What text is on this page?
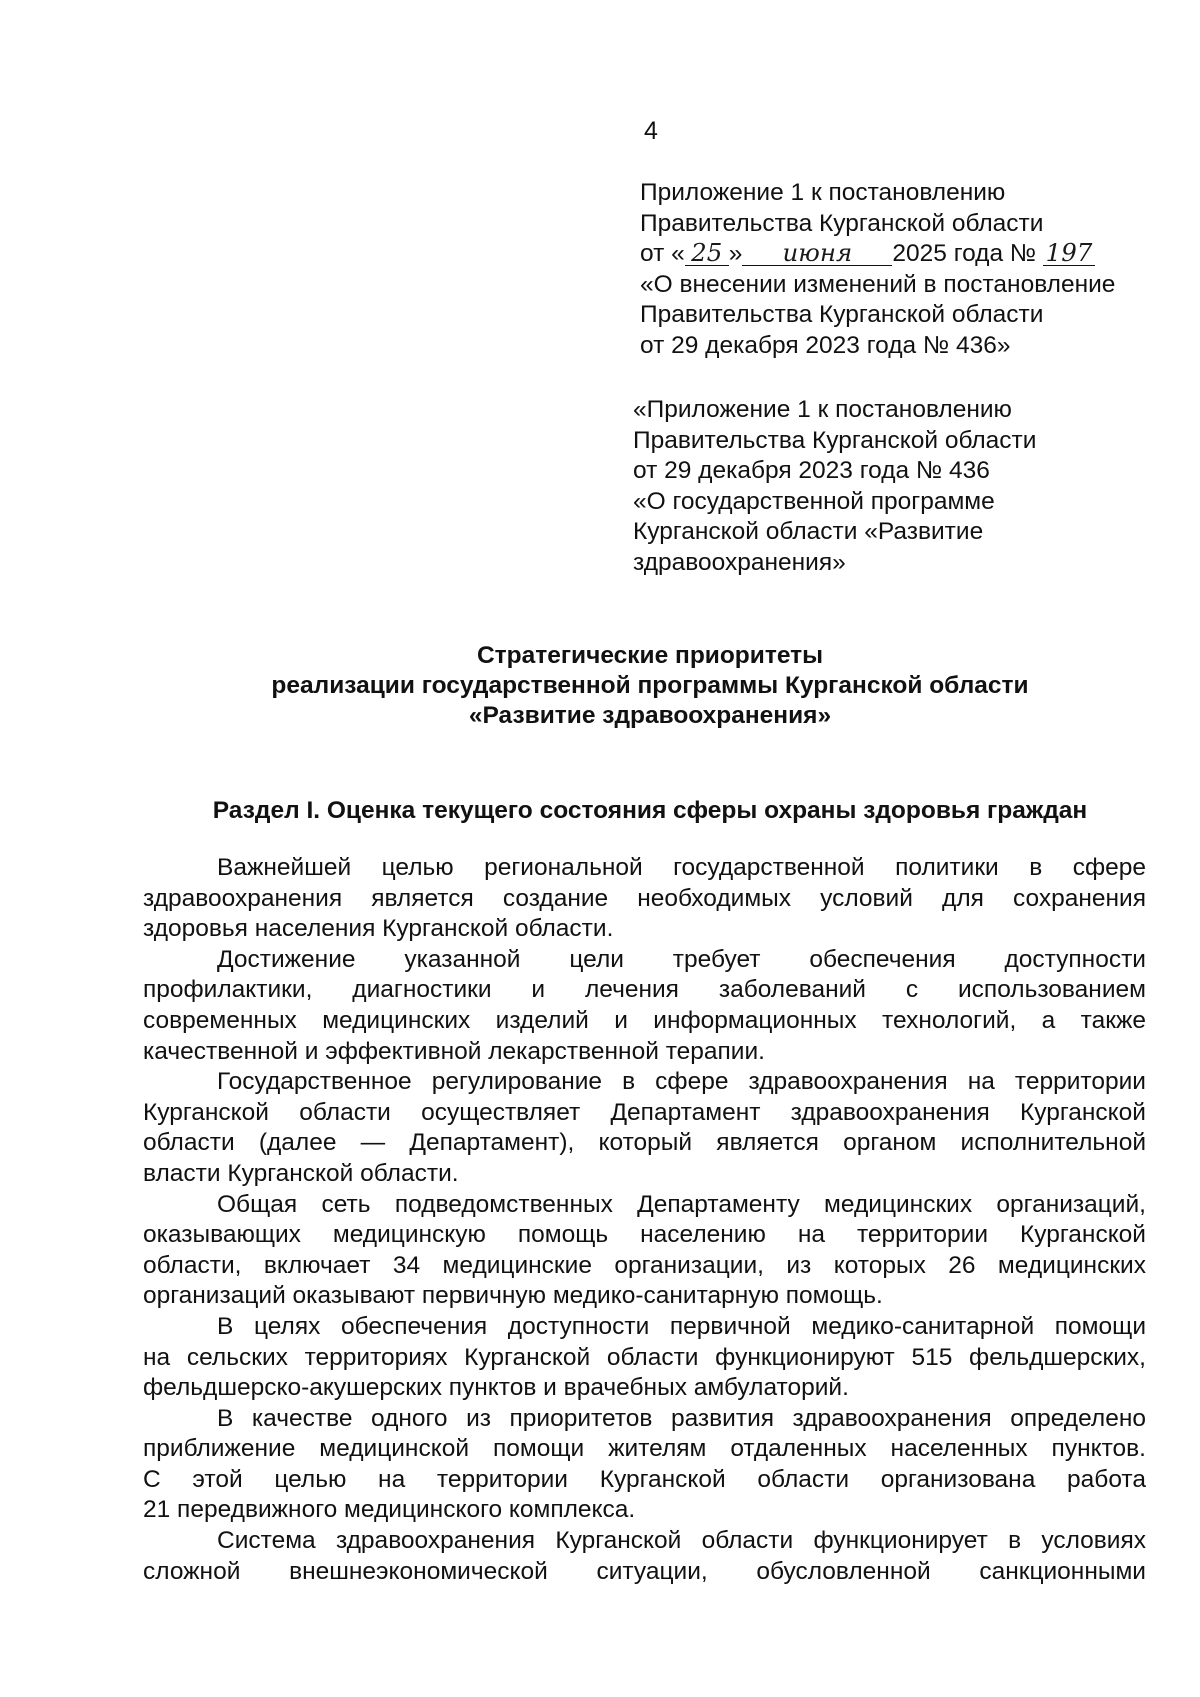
4
Приложение 1 к постановлению
Правительства Курганской области
от « 25 » июня 2025 года № 197
«О внесении изменений в постановление
Правительства Курганской области
от 29 декабря 2023 года № 436»
«Приложение 1 к постановлению
Правительства Курганской области
от 29 декабря 2023 года № 436
«О государственной программе
Курганской области «Развитие
здравоохранения»
Стратегические приоритеты
реализации государственной программы Курганской области
«Развитие здравоохранения»
Раздел I. Оценка текущего состояния сферы охраны здоровья граждан
Важнейшей целью региональной государственной политики в сфере
здравоохранения является создание необходимых условий для сохранения
здоровья населения Курганской области.
Достижение указанной цели требует обеспечения доступности
профилактики, диагностики и лечения заболеваний с использованием
современных медицинских изделий и информационных технологий, а также
качественной и эффективной лекарственной терапии.
Государственное регулирование в сфере здравоохранения на территории
Курганской области осуществляет Департамент здравоохранения Курганской
области (далее — Департамент), который является органом исполнительной
власти Курганской области.
Общая сеть подведомственных Департаменту медицинских организаций,
оказывающих медицинскую помощь населению на территории Курганской
области, включает 34 медицинские организации, из которых 26 медицинских
организаций оказывают первичную медико-санитарную помощь.
В целях обеспечения доступности первичной медико-санитарной помощи
на сельских территориях Курганской области функционируют 515 фельдшерских,
фельдшерско-акушерских пунктов и врачебных амбулаторий.
В качестве одного из приоритетов развития здравоохранения определено
приближение медицинской помощи жителям отдаленных населенных пунктов.
С этой целью на территории Курганской области организована работа
21 передвижного медицинского комплекса.
Система здравоохранения Курганской области функционирует в условиях
сложной внешнеэкономической ситуации, обусловленной санкционными
